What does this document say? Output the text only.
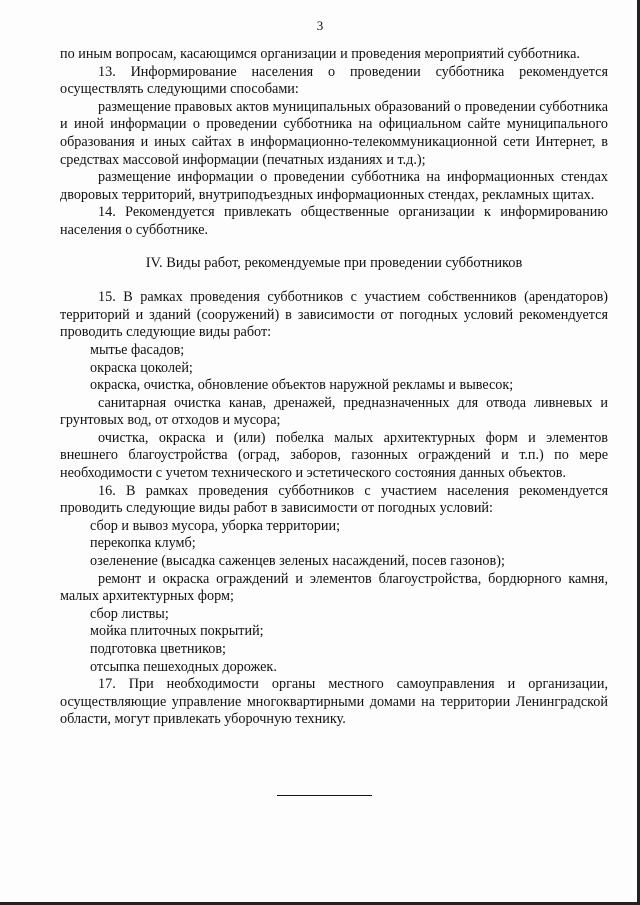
3

по иным вопросам, касающимся организации и проведения мероприятий субботника.

13. Информирование населения о проведении субботника рекомендуется осуществлять следующими способами:

размещение правовых актов муниципальных образований о проведении субботника и иной информации о проведении субботника на официальном сайте муниципального образования и иных сайтах в информационно-телекоммуникационной сети Интернет, в средствах массовой информации (печатных изданиях и т.д.);

размещение информации о проведении субботника на информационных стендах дворовых территорий, внутриподъездных информационных стендах, рекламных щитах.

14. Рекомендуется привлекать общественные организации к информированию населения о субботнике.

IV. Виды работ, рекомендуемые при проведении субботников

15. В рамках проведения субботников с участием собственников (арендаторов) территорий и зданий (сооружений) в зависимости от погодных условий рекомендуется проводить следующие виды работ:

мытье фасадов;

окраска цоколей;

окраска, очистка, обновление объектов наружной рекламы и вывесок;

санитарная очистка канав, дренажей, предназначенных для отвода ливневых и грунтовых вод, от отходов и мусора;

очистка, окраска и (или) побелка малых архитектурных форм и элементов внешнего благоустройства (оград, заборов, газонных ограждений и т.п.) по мере необходимости с учетом технического и эстетического состояния данных объектов.

16. В рамках проведения субботников с участием населения рекомендуется проводить следующие виды работ в зависимости от погодных условий:

сбор и вывоз мусора, уборка территории;

перекопка клумб;

озеленение (высадка саженцев зеленых насаждений, посев газонов);

ремонт и окраска ограждений и элементов благоустройства, бордюрного камня, малых архитектурных форм;

сбор листвы;

мойка плиточных покрытий;

подготовка цветников;

отсыпка пешеходных дорожек.

17. При необходимости органы местного самоуправления и организации, осуществляющие управление многоквартирными домами на территории Ленинградской области, могут привлекать уборочную технику.
